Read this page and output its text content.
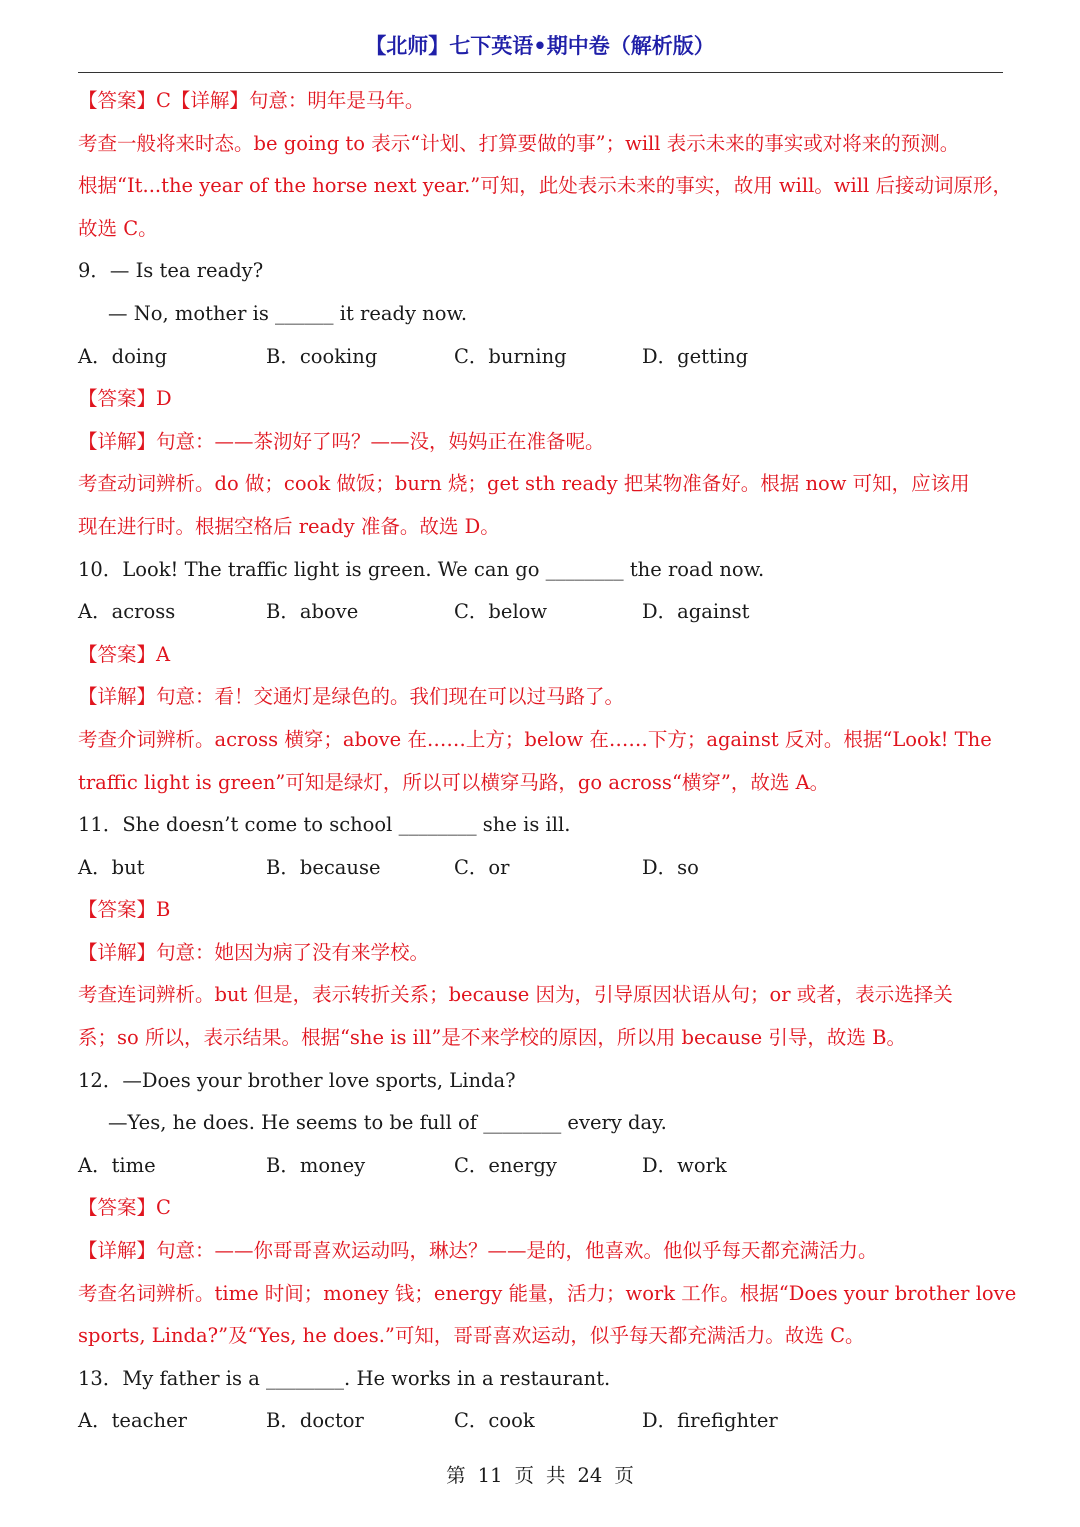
【北师】七下英语•期中卷（解析版）
【答案】C【详解】句意：明年是马年。
考查一般将来时态。be going to 表示“计划、打算要做的事”；will 表示未来的事实或对将来的预测。
根据“It...the year of the horse next year.”可知，此处表示未来的事实，故用 will。will 后接动词原形，
故选 C。
9．— Is tea ready?
— No, mother is ______ it ready now.
A．doing	B．cooking	C．burning	D．getting
【答案】D
【详解】句意：——茶沏好了吗？——没，妈妈正在准备呢。
考查动词辨析。do 做；cook 做饭；burn 烧；get sth ready 把某物准备好。根据 now 可知，应该用
现在进行时。根据空格后 ready 准备。故选 D。
10．Look! The traffic light is green. We can go ________ the road now.
A．across	B．above	C．below	D．against
【答案】A
【详解】句意：看！交通灯是绿色的。我们现在可以过马路了。
考查介词辨析。across 横穿；above 在……上方；below 在……下方；against 反对。根据“Look! The
traffic light is green”可知是绿灯，所以可以横穿马路，go across“横穿”，故选 A。
11．She doesn’t come to school ________ she is ill.
A．but	B．because	C．or	D．so
【答案】B
【详解】句意：她因为病了没有来学校。
考查连词辨析。but 但是，表示转折关系；because 因为，引导原因状语从句；or 或者，表示选择关
系；so 所以，表示结果。根据“she is ill”是不来学校的原因，所以用 because 引导，故选 B。
12．—Does your brother love sports, Linda?
—Yes, he does. He seems to be full of ________ every day.
A．time	B．money	C．energy	D．work
【答案】C
【详解】句意：——你哥哥喜欢运动吗，琳达？——是的，他喜欢。他似乎每天都充满活力。
考查名词辨析。time 时间；money 钱；energy 能量，活力；work 工作。根据“Does your brother love
sports, Linda?”及“Yes, he does.”可知，哥哥喜欢运动，似乎每天都充满活力。故选 C。
13．My father is a ________. He works in a restaurant.
A．teacher	B．doctor	C．cook	D．firefighter
第 11 页 共 24 页
